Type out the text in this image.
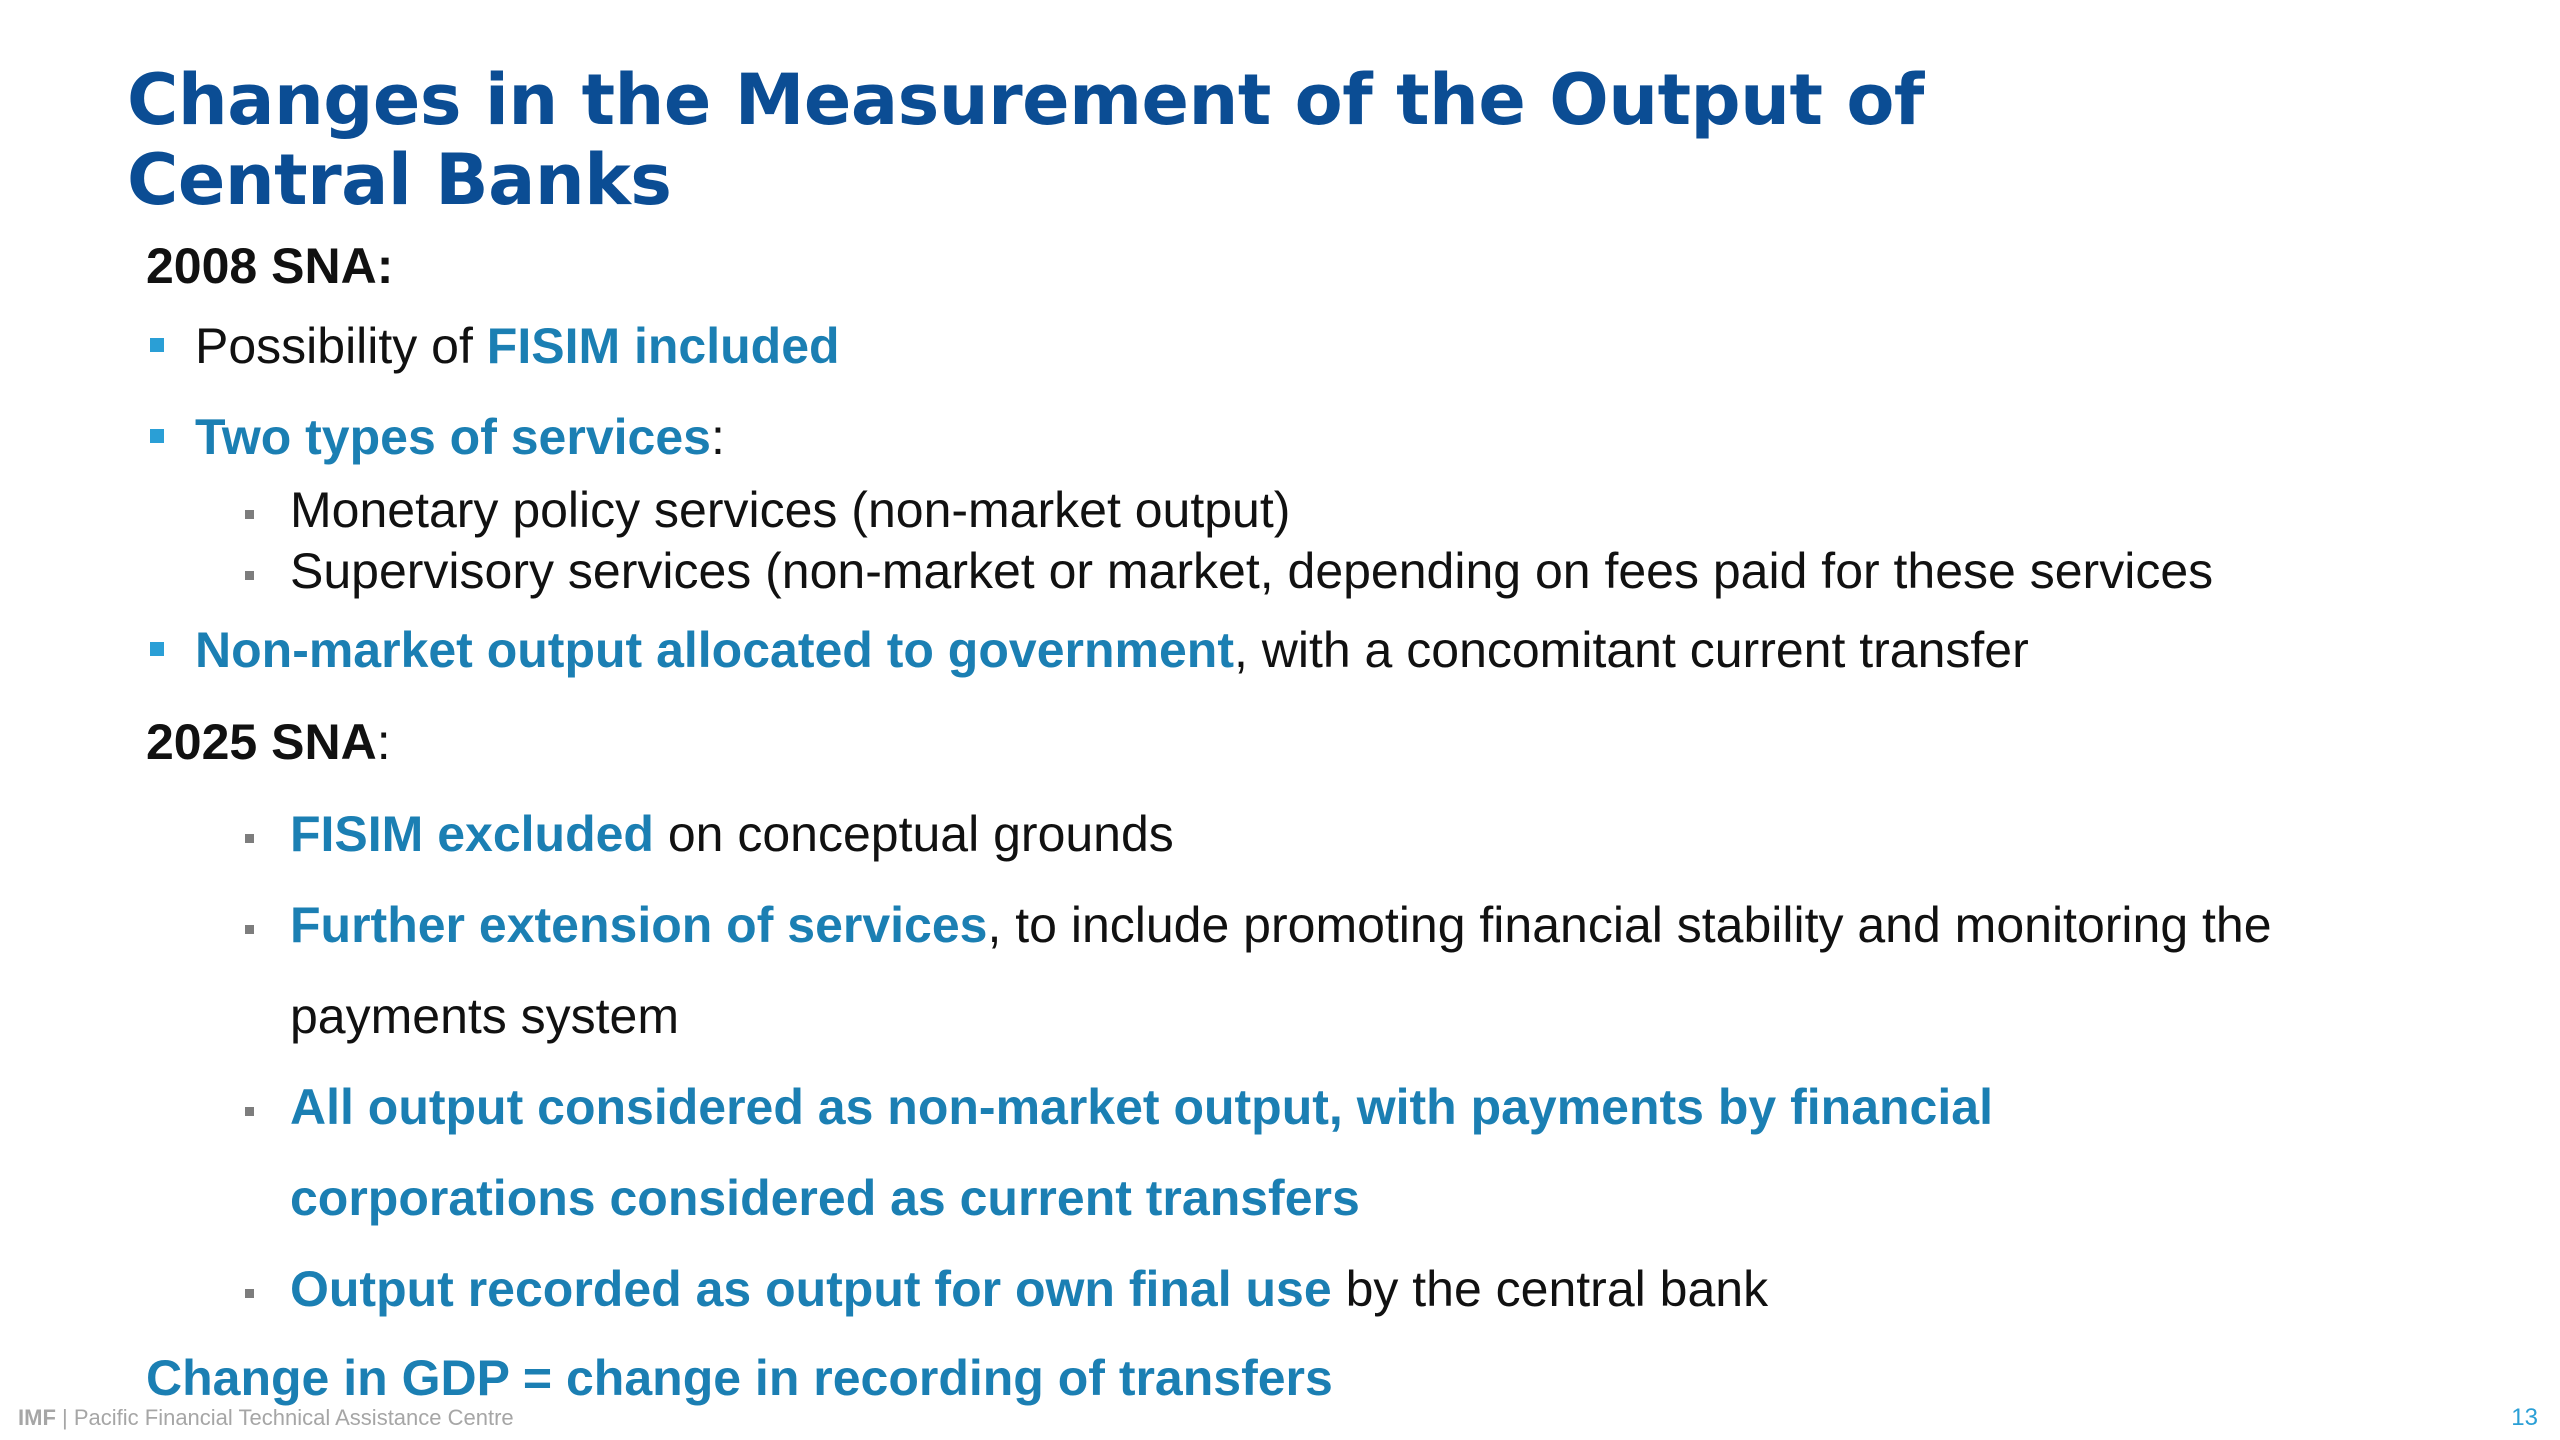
Changes in the Measurement of the Output of
Central Banks
2008 SNA:
Possibility of FISIM included
Two types of services:
Monetary policy services (non-market output)
Supervisory services (non-market or market, depending on fees paid for these services
Non-market output allocated to government, with a concomitant current transfer
2025 SNA:
FISIM excluded on conceptual grounds
Further extension of services, to include promoting financial stability and monitoring the
payments system
All output considered as non-market output, with payments by financial
corporations considered as current transfers
Output recorded as output for own final use by the central bank
Change in GDP = change in recording of transfers
IMF | Pacific Financial Technical Assistance Centre	13
